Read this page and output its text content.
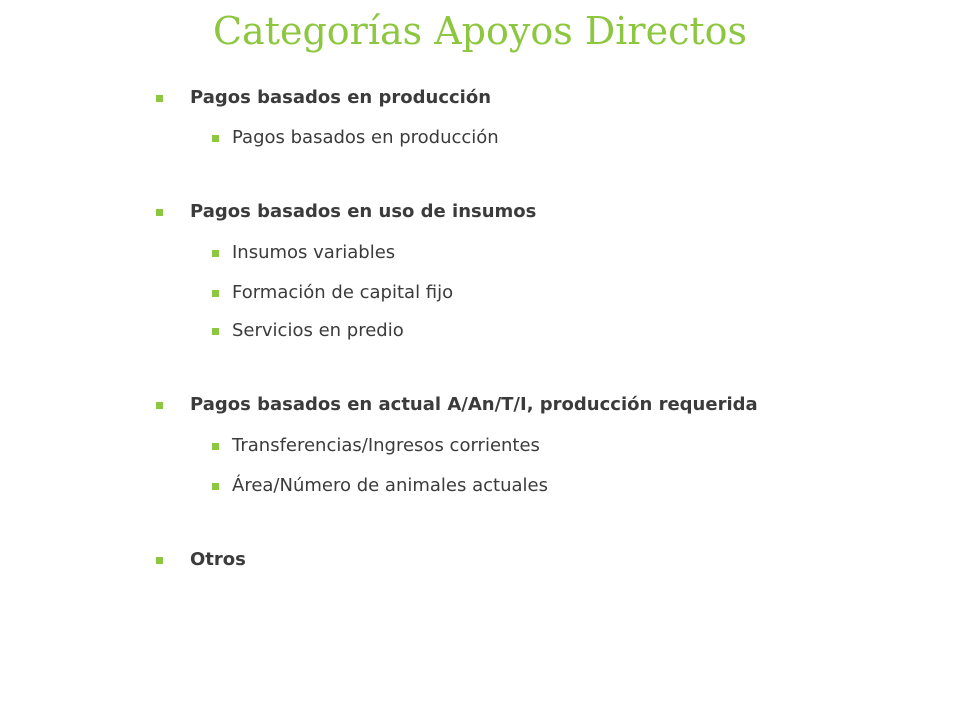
Categorías Apoyos Directos
Pagos basados en producción
Pagos basados en producción
Pagos basados en uso de insumos
Insumos variables
Formación de capital fijo
Servicios en predio
Pagos basados en actual A/An/T/I, producción requerida
Transferencias/Ingresos corrientes
Área/Número de animales actuales
Otros
